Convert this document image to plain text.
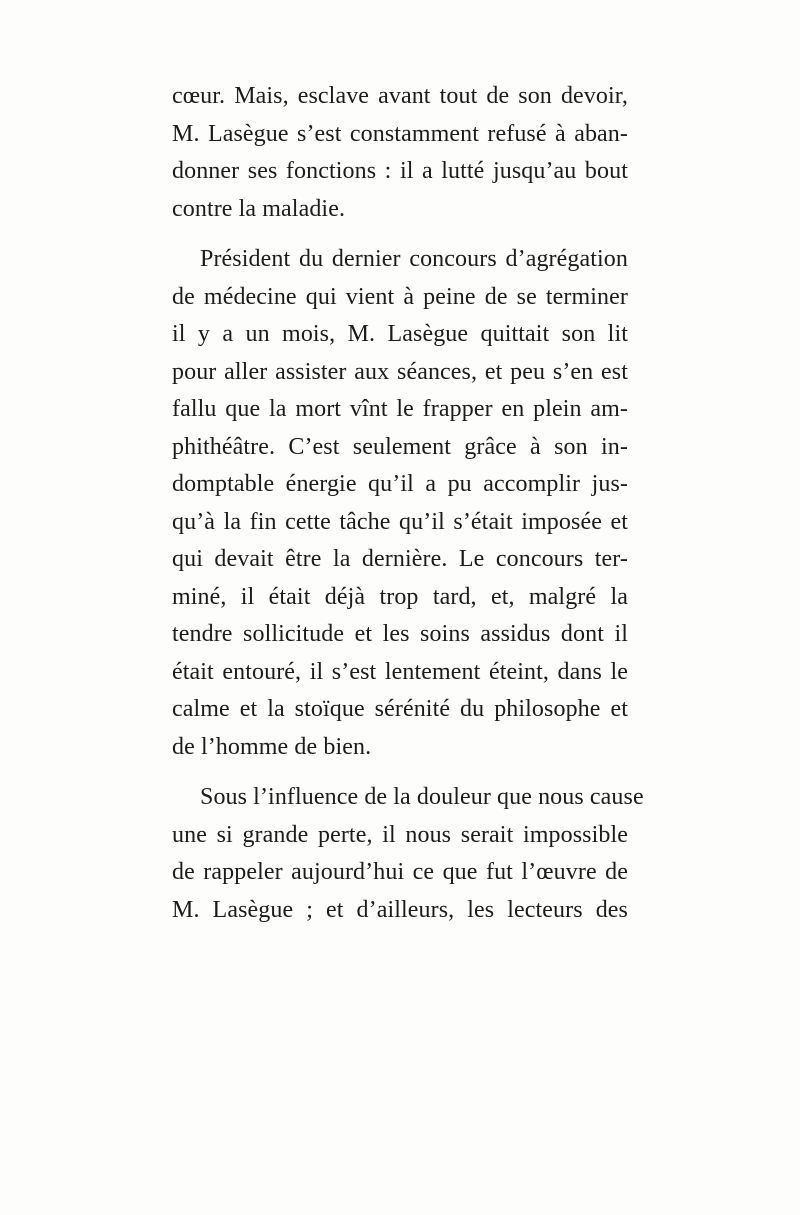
cœur. Mais, esclave avant tout de son devoir,
M. Lasègue s’est constamment refusé à aban-
donner ses fonctions : il a lutté jusqu’au bout
contre la maladie.

Président du dernier concours d’agrégation
de médecine qui vient à peine de se terminer
il y a un mois, M. Lasègue quittait son lit
pour aller assister aux séances, et peu s’en est
fallu que la mort vînt le frapper en plein am-
phithéâtre. C’est seulement grâce à son in-
domptable énergie qu’il a pu accomplir jus-
qu’à la fin cette tâche qu’il s’était imposée et
qui devait être la dernière. Le concours ter-
miné, il était déjà trop tard, et, malgré la
tendre sollicitude et les soins assidus dont il
était entouré, il s’est lentement éteint, dans le
calme et la stoïque sérénité du philosophe et
de l’homme de bien.

Sous l’influence de la douleur que nous cause
une si grande perte, il nous serait impossible
de rappeler aujourd’hui ce que fut l’œuvre de
M. Lasègue ; et d’ailleurs, les lecteurs des
